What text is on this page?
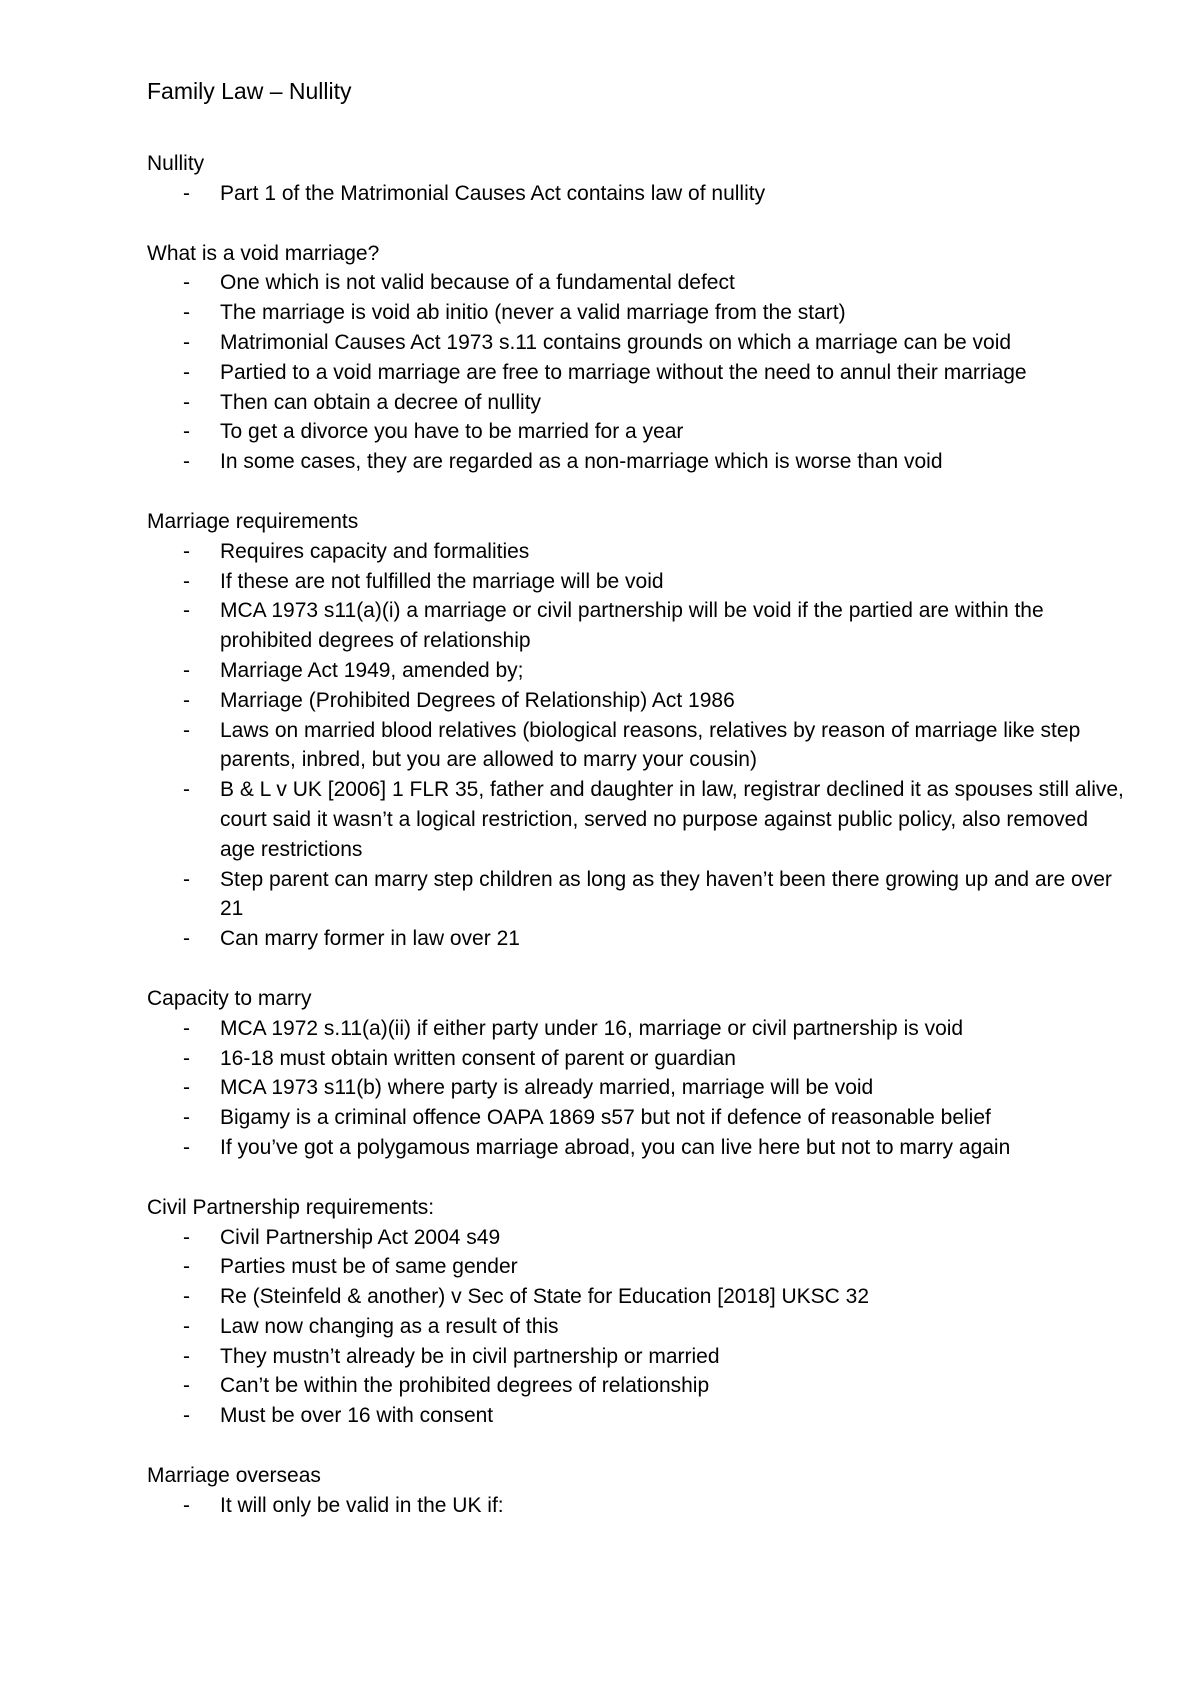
Family Law – Nullity
Nullity
- Part 1 of the Matrimonial Causes Act contains law of nullity
What is a void marriage?
- One which is not valid because of a fundamental defect
- The marriage is void ab initio (never a valid marriage from the start)
- Matrimonial Causes Act 1973 s.11 contains grounds on which a marriage can be void
- Partied to a void marriage are free to marriage without the need to annul their marriage
- Then can obtain a decree of nullity
- To get a divorce you have to be married for a year
- In some cases, they are regarded as a non-marriage which is worse than void
Marriage requirements
- Requires capacity and formalities
- If these are not fulfilled the marriage will be void
- MCA 1973 s11(a)(i) a marriage or civil partnership will be void if the partied are within the prohibited degrees of relationship
- Marriage Act 1949, amended by;
- Marriage (Prohibited Degrees of Relationship) Act 1986
- Laws on married blood relatives (biological reasons, relatives by reason of marriage like step parents, inbred, but you are allowed to marry your cousin)
- B & L v UK [2006] 1 FLR 35, father and daughter in law, registrar declined it as spouses still alive, court said it wasn’t a logical restriction, served no purpose against public policy, also removed age restrictions
- Step parent can marry step children as long as they haven’t been there growing up and are over 21
- Can marry former in law over 21
Capacity to marry
- MCA 1972 s.11(a)(ii) if either party under 16, marriage or civil partnership is void
- 16-18 must obtain written consent of parent or guardian
- MCA 1973 s11(b) where party is already married, marriage will be void
- Bigamy is a criminal offence OAPA 1869 s57 but not if defence of reasonable belief
- If you’ve got a polygamous marriage abroad, you can live here but not to marry again
Civil Partnership requirements:
- Civil Partnership Act 2004 s49
- Parties must be of same gender
- Re (Steinfeld & another) v Sec of State for Education [2018] UKSC 32
- Law now changing as a result of this
- They mustn’t already be in civil partnership or married
- Can’t be within the prohibited degrees of relationship
- Must be over 16 with consent
Marriage overseas
- It will only be valid in the UK if:
